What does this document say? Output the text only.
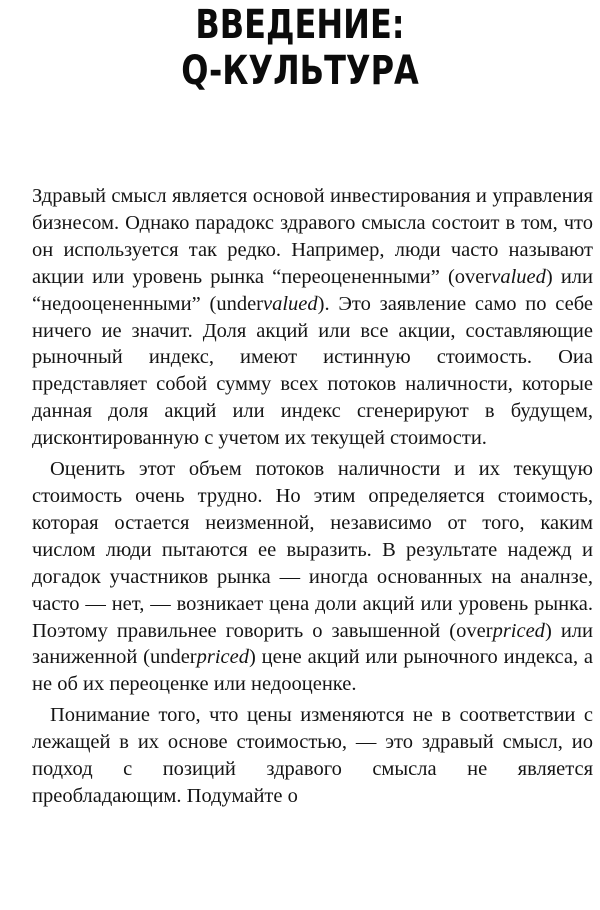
ВВЕДЕНИЕ:
Q-КУЛЬТУРА

Здравый смысл является основой инвестирования и управления бизнесом. Однако парадокс здравого смысла состоит в том, что он используется так редко. Например, люди часто называют акции или уровень рынка “переоцененными” (overvalued) или “недооцененными” (undervalued). Это заявление само по себе ничего ие значит. Доля акций или все акции, составляющие рыночный индекс, имеют истинную стоимость. Оиа представляет собой сумму всех потоков наличности, которые данная доля акций или индекс сгенерируют в будущем, дисконтированную с учетом их текущей стоимости.

Оценить этот объем потоков наличности и их текущую стоимость очень трудно. Но этим определяется стоимость, которая остается неизменной, независимо от того, каким числом люди пытаются ее выразить. В результате надежд и догадок участников рынка — иногда основанных на аналнзе, часто — нет, — возникает цена доли акций или уровень рынка. Поэтому правильнее говорить о завышенной (overpriced) или заниженной (underpriced) цене акций или рыночного индекса, а не об их переоценке или недооценке.

Понимание того, что цены изменяются не в соответствии с лежащей в их основе стоимостью, — это здравый смысл, ио подход с позиций здравого смысла не является преобладающим. Подумайте о
